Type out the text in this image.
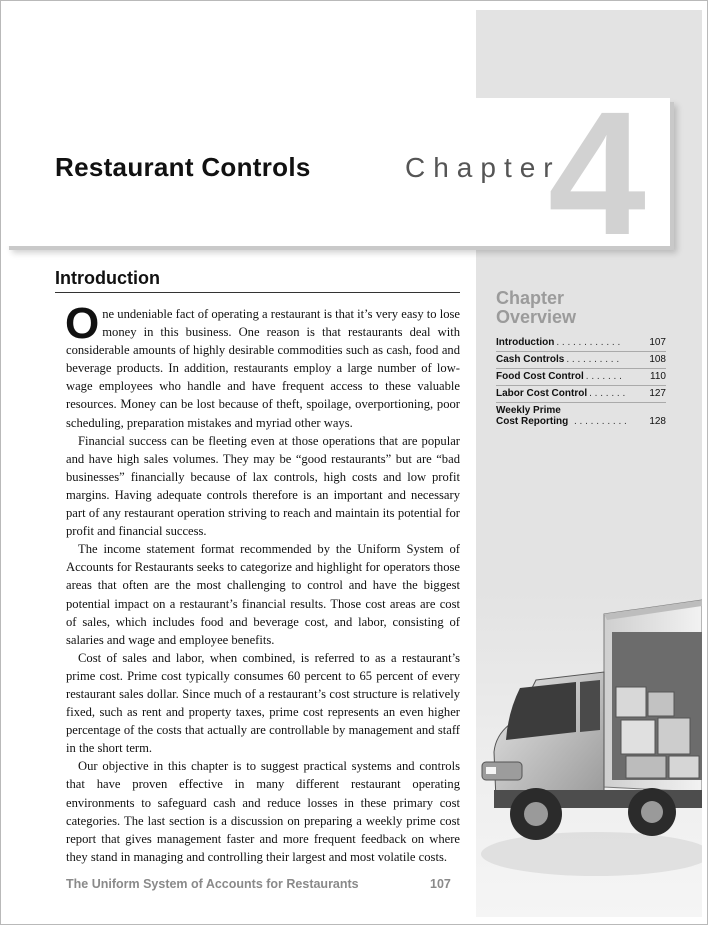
4
Restaurant Controls	Chapter
Introduction

One undeniable fact of operating a restaurant is that it’s very easy to lose money in this business. One reason is that restaurants deal with considerable amounts of highly desirable commodities such as cash, food and beverage products. In addition, restaurants employ a large number of low-wage employees who handle and have frequent access to these valuable resources. Money can be lost because of theft, spoilage, overportioning, poor scheduling, preparation mistakes and myriad other ways.

Financial success can be fleeting even at those operations that are popular and have high sales volumes. They may be “good restaurants” but are “bad businesses” financially because of lax controls, high costs and low profit margins. Having adequate controls therefore is an important and necessary part of any restaurant operation striving to reach and maintain its potential for profit and financial success.

The income statement format recommended by the Uniform System of Accounts for Restaurants seeks to categorize and highlight for operators those areas that often are the most challenging to control and have the biggest potential impact on a restaurant’s financial results. Those cost areas are cost of sales, which includes food and beverage cost, and labor, consisting of salaries and wage and employee benefits.

Cost of sales and labor, when combined, is referred to as a restaurant’s prime cost. Prime cost typically consumes 60 percent to 65 percent of every restaurant sales dollar. Since much of a restaurant’s cost structure is relatively fixed, such as rent and property taxes, prime cost represents an even higher percentage of the costs that actually are controllable by management and staff in the short term.

Our objective in this chapter is to suggest practical systems and controls that have proven effective in many different restaurant operating environments to safeguard cash and reduce losses in these primary cost categories. The last section is a discussion on preparing a weekly prime cost report that gives management faster and more frequent feedback on where they stand in managing and controlling their largest and most volatile costs.

Chapter
Overview
Introduction . . . . . . . . . . . .	107
Cash Controls . . . . . . . . . .	108
Food Cost Control . . . . . . .	110
Labor Cost Control . . . . . . .	127
Weekly Prime Cost Reporting . . . . . . . . . .	128
The Uniform System of Accounts for Restaurants	107
